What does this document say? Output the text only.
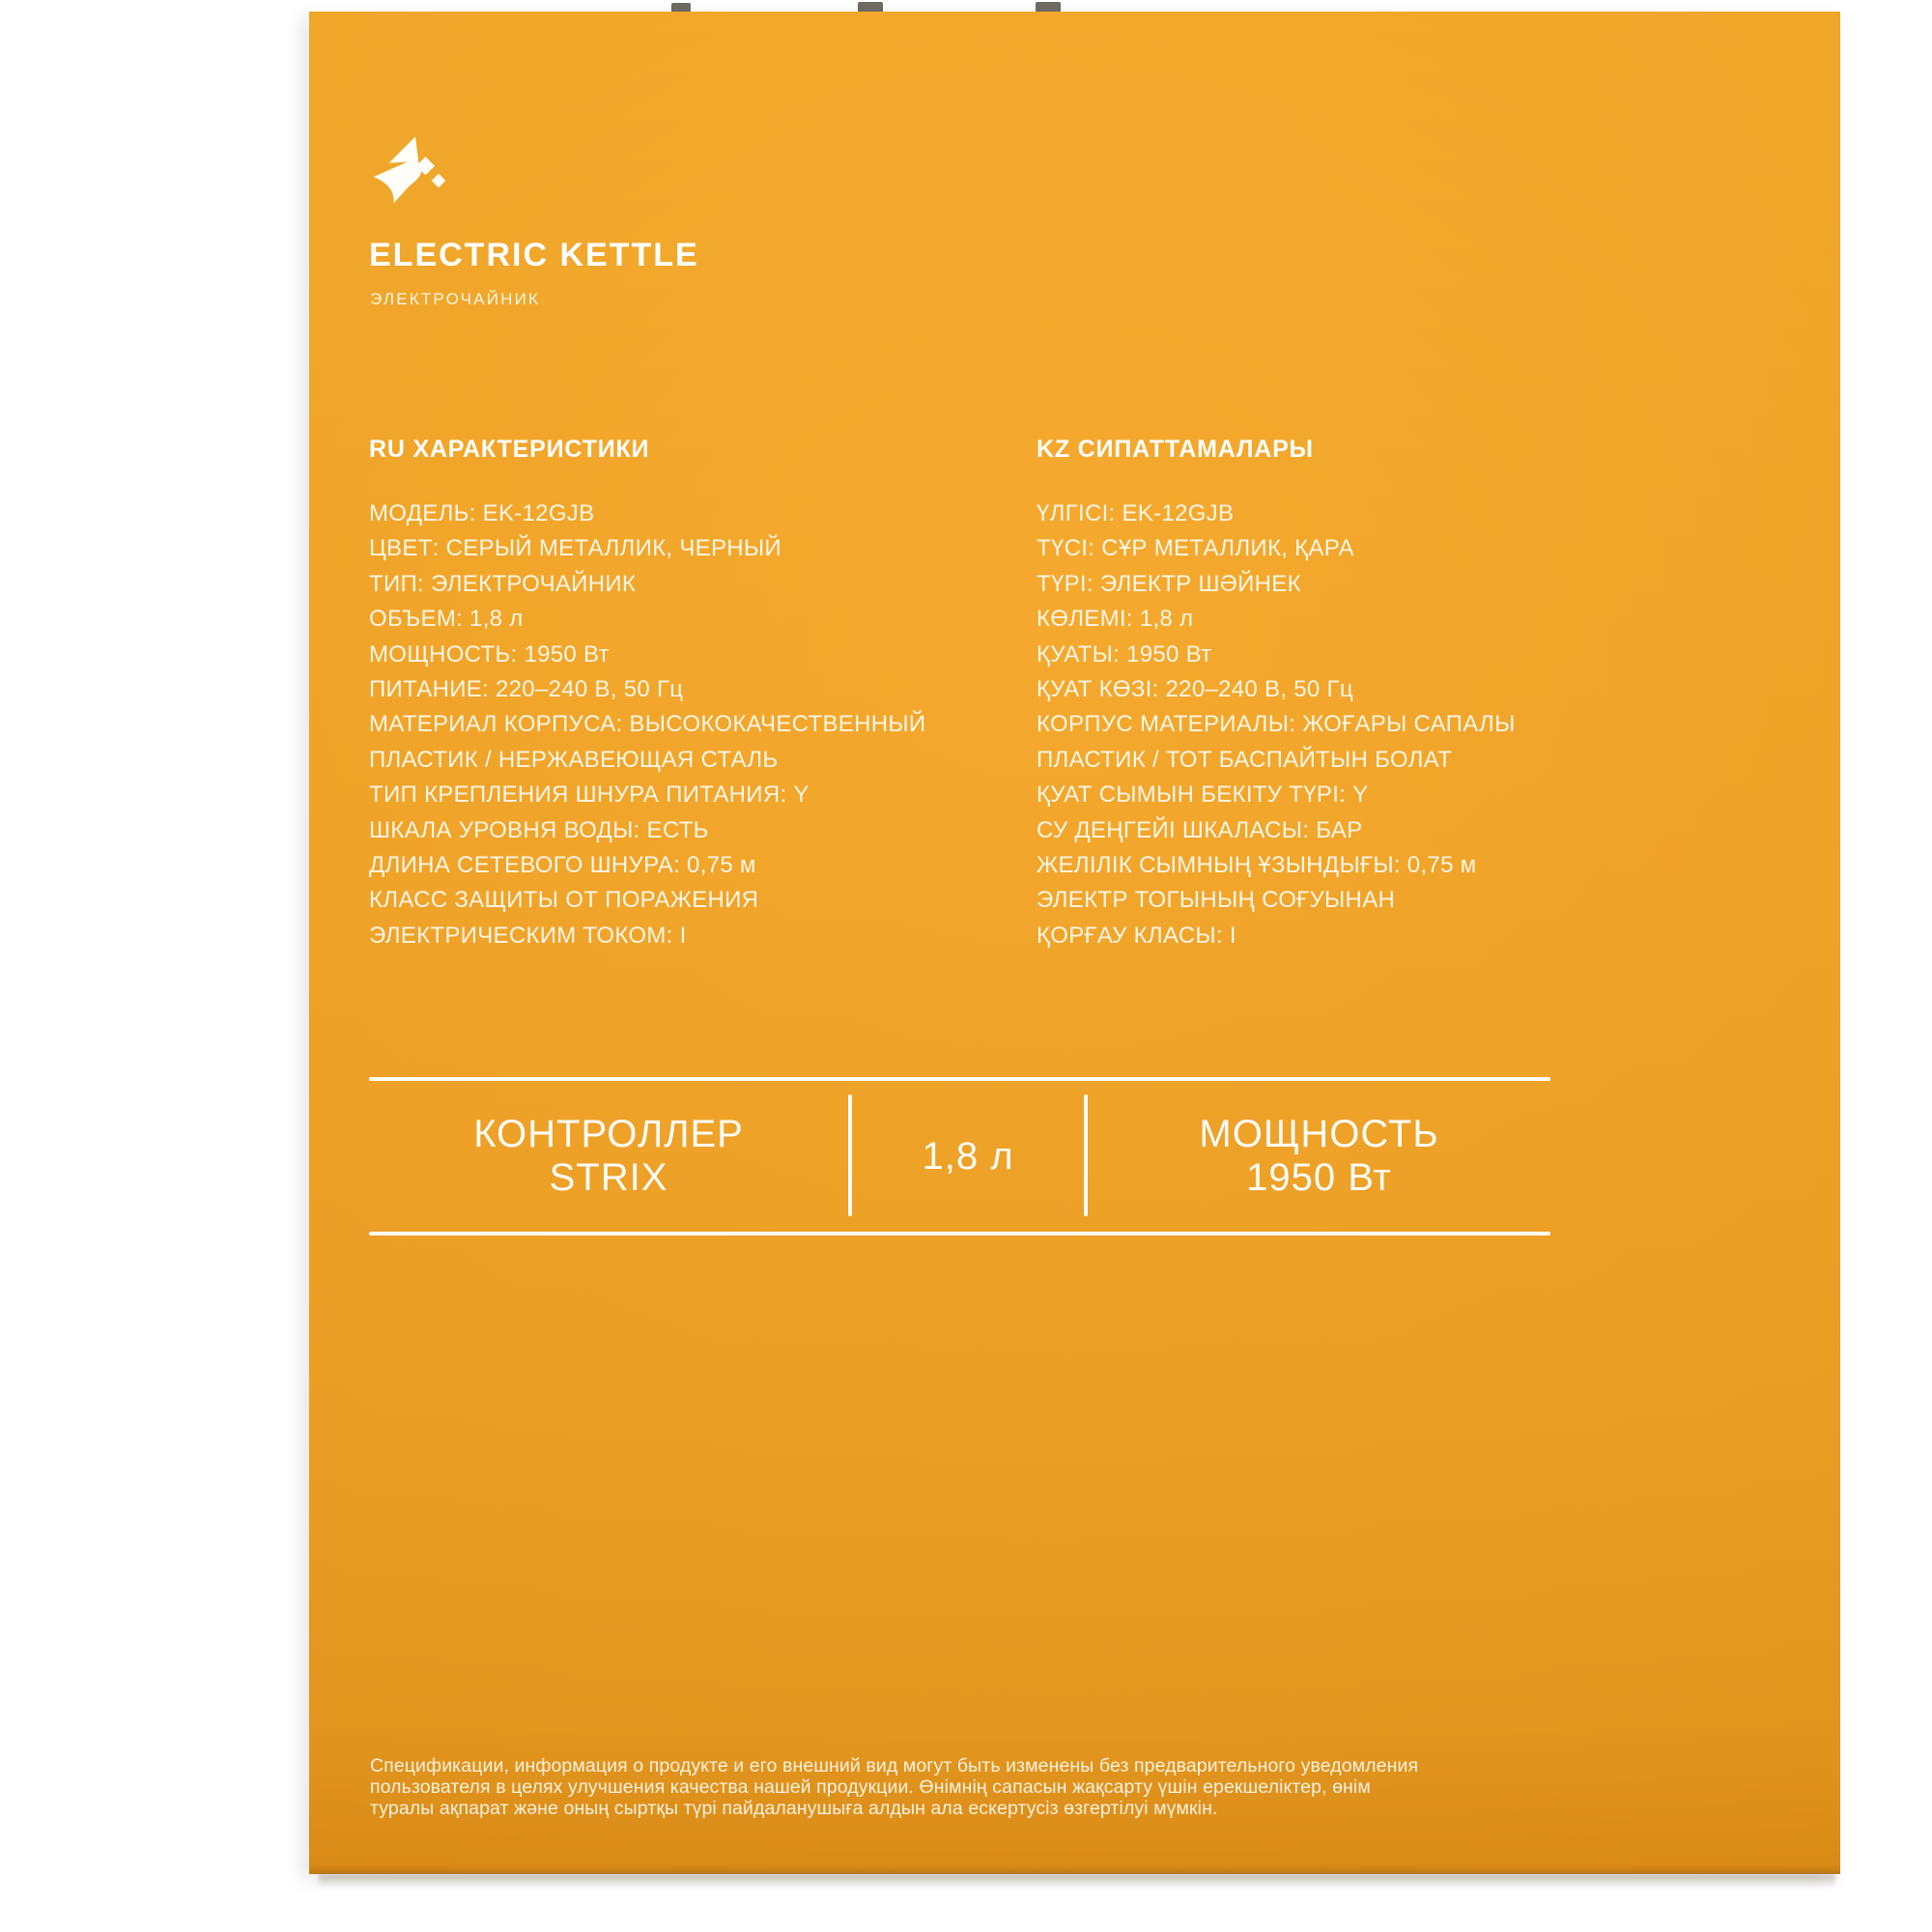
ELECTRIC KETTLE
ЭЛЕКТРОЧАЙНИК
RU ХАРАКТЕРИСТИКИ
МОДЕЛЬ: EK-12GJB
ЦВЕТ: СЕРЫЙ МЕТАЛЛИК, ЧЕРНЫЙ
ТИП: ЭЛЕКТРОЧАЙНИК
ОБЪЕМ: 1,8 л
МОЩНОСТЬ: 1950 Вт
ПИТАНИЕ: 220–240 В, 50 Гц
МАТЕРИАЛ КОРПУСА: ВЫСОКОКАЧЕСТВЕННЫЙ
ПЛАСТИК / НЕРЖАВЕЮЩАЯ СТАЛЬ
ТИП КРЕПЛЕНИЯ ШНУРА ПИТАНИЯ: Y
ШКАЛА УРОВНЯ ВОДЫ: ЕСТЬ
ДЛИНА СЕТЕВОГО ШНУРА: 0,75 м
КЛАСС ЗАЩИТЫ ОТ ПОРАЖЕНИЯ
ЭЛЕКТРИЧЕСКИМ ТОКОМ: I
KZ СИПАТТАМАЛАРЫ
ҮЛГІСІ: EK-12GJB
ТҮСІ: СҰР МЕТАЛЛИК, ҚАРА
ТҮРІ: ЭЛЕКТР ШӘЙНЕК
КӨЛЕМІ: 1,8 л
ҚУАТЫ: 1950 Вт
ҚУАТ КӨЗІ: 220–240 В, 50 Гц
КОРПУС МАТЕРИАЛЫ: ЖОҒАРЫ САПАЛЫ
ПЛАСТИК / ТОТ БАСПАЙТЫН БОЛАТ
ҚУАТ СЫМЫН БЕКІТУ ТҮРІ: Y
СУ ДЕҢГЕЙІ ШКАЛАСЫ: БАР
ЖЕЛІЛІК СЫМНЫҢ ҰЗЫНДЫҒЫ: 0,75 м
ЭЛЕКТР ТОГЫНЫҢ СОҒУЫНАН
ҚОРҒАУ КЛАСЫ: I
КОНТРОЛЛЕР
STRIX
1,8 л
МОЩНОСТЬ
1950 Вт
Спецификации, информация о продукте и его внешний вид могут быть изменены без предварительного уведомления
пользователя в целях улучшения качества нашей продукции. Өнімнің сапасын жақсарту үшін ерекшеліктер, өнім
туралы ақпарат және оның сыртқы түрі пайдаланушыға алдын ала ескертусіз өзгертілуі мүмкін.
